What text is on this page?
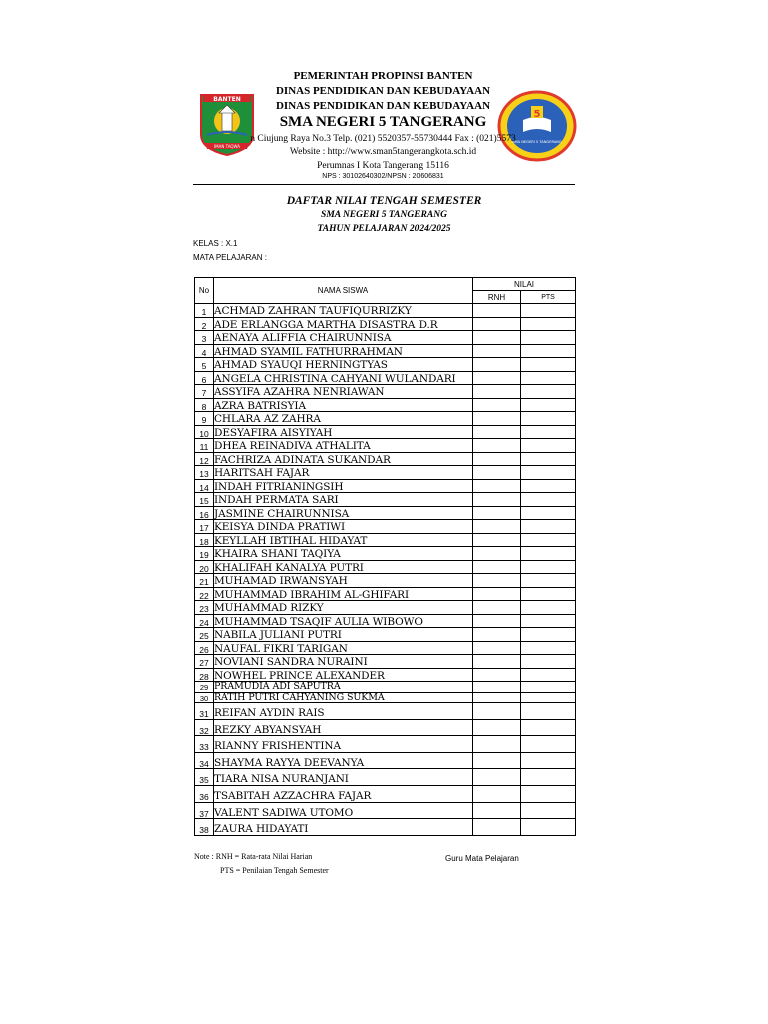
PEMERINTAH PROPINSI BANTEN
DINAS PENDIDIKAN DAN KEBUDAYAAN
DINAS PENDIDIKAN DAN KEBUDAYAAN
SMA NEGERI 5 TANGERANG
BANTEN
IMAN TAQWA
5
SMA NEGERI 5 TANGERANG
n Ciujung Raya No.3 Telp. (021) 5520357-55730444 Fax : (021)5573
Website : http://www.sman5tangerangkota.sch.id
Perumnas I Kota Tangerang 15116
NPS : 30102640302/NPSN : 20606831
DAFTAR NILAI TENGAH SEMESTER
SMA NEGERI 5 TANGERANG
TAHUN PELAJARAN 2024/2025
KELAS : X.1
MATA PELAJARAN :
No	NAMA SISWA	NILAI	
		RNH	PTS
1	ACHMAD ZAHRAN TAUFIQURRIZKY		
2	ADE ERLANGGA MARTHA DISASTRA D.R		
3	AENAYA ALIFFIA CHAIRUNNISA		
4	AHMAD SYAMIL FATHURRAHMAN		
5	AHMAD SYAUQI HERNINGTYAS		
6	ANGELA CHRISTINA CAHYANI WULANDARI		
7	ASSYIFA AZAHRA NENRIAWAN		
8	AZRA BATRISYIA		
9	CHLARA AZ ZAHRA		
10	DESYAFIRA AISYIYAH		
11	DHEA REINADIVA ATHALITA		
12	FACHRIZA ADINATA SUKANDAR		
13	HARITSAH FAJAR		
14	INDAH FITRIANINGSIH		
15	INDAH PERMATA SARI		
16	JASMINE CHAIRUNNISA		
17	KEISYA DINDA PRATIWI		
18	KEYLLAH IBTIHAL HIDAYAT		
19	KHAIRA SHANI TAQIYA		
20	KHALIFAH KANALYA PUTRI		
21	MUHAMAD IRWANSYAH		
22	MUHAMMAD IBRAHIM AL-GHIFARI		
23	MUHAMMAD RIZKY		
24	MUHAMMAD TSAQIF AULIA WIBOWO		
25	NABILA JULIANI PUTRI		
26	NAUFAL FIKRI TARIGAN		
27	NOVIANI SANDRA NURAINI		
28	NOWHEL PRINCE ALEXANDER		
29	PRAMUDIA ADI SAPUTRA		
30	RATIH PUTRI CAHYANING SUKMA		
31	REIFAN AYDIN RAIS		
32	REZKY ABYANSYAH		
33	RIANNY FRISHENTINA		
34	SHAYMA RAYYA DEEVANYA		
35	TIARA NISA NURANJANI		
36	TSABITAH AZZACHRA FAJAR		
37	VALENT SADIWA UTOMO		
38	ZAURA HIDAYATI		
Note : RNH = Rata-rata Nilai Harian
PTS = Penilaian Tengah Semester
Guru Mata Pelajaran
